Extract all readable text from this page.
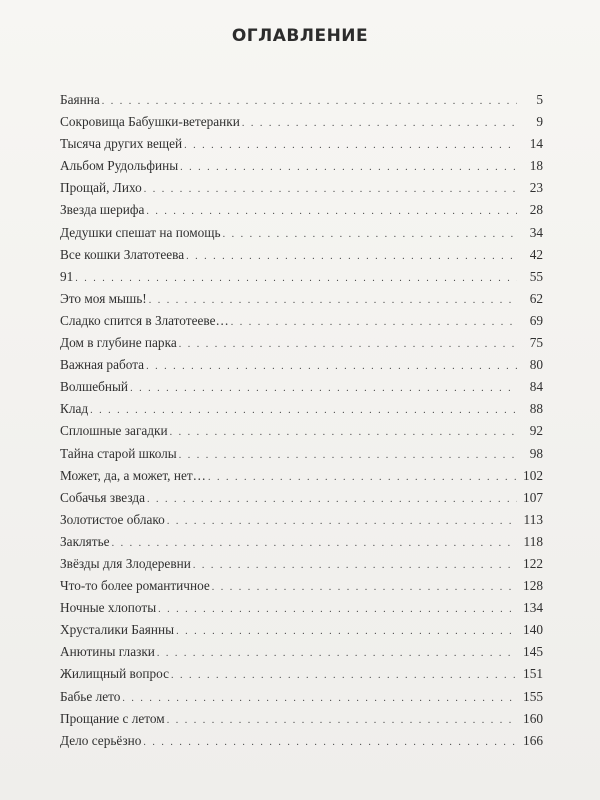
ОГЛАВЛЕНИЕ
Баянна . . .	5
Сокровища Бабушки-ветеранки . . .	9
Тысяча других вещей . . .	14
Альбом Рудольфины . . .	18
Прощай, Лихо . . .	23
Звезда шерифа . . .	28
Дедушки спешат на помощь . . .	34
Все кошки Златотеева . . .	42
91 . . .	55
Это моя мышь! . . .	62
Сладко спится в Златотееве… . . .	69
Дом в глубине парка . . .	75
Важная работа . . .	80
Волшебный . . .	84
Клад . . .	88
Сплошные загадки . . .	92
Тайна старой школы . . .	98
Может, да, а может, нет… . . .	102
Собачья звезда . . .	107
Золотистое облако . . .	113
Заклятье . . .	118
Звёзды для Злодеревни . . .	122
Что-то более романтичное . . .	128
Ночные хлопоты . . .	134
Хрусталики Баянны . . .	140
Анютины глазки . . .	145
Жилищный вопрос . . .	151
Бабье лето . . .	155
Прощание с летом . . .	160
Дело серьёзно . . .	166
